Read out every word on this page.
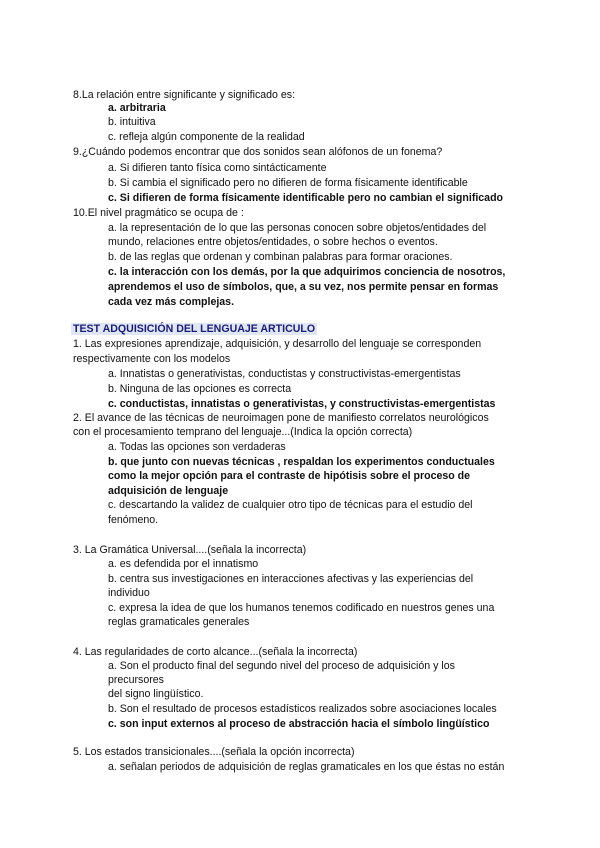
8.La relación entre significante y significado es:
a. arbitraria
b. intuitiva
c. refleja algún componente de la realidad
9.¿Cuándo podemos encontrar que dos sonidos sean alófonos de un fonema?
a. Si difieren tanto física como sintácticamente
b. Si cambia el significado pero no difieren de forma físicamente identificable
c. Si difieren de forma físicamente identificable pero no cambian el significado
10.El nivel pragmático se ocupa de :
a. la representación de lo que las personas conocen sobre objetos/entidades del
mundo, relaciones entre objetos/entidades, o sobre hechos o eventos.
b. de las reglas que ordenan y combinan palabras para formar oraciones.
c. la interacción con los demás, por la que adquirimos conciencia de nosotros,
aprendemos el uso de símbolos, que, a su vez, nos permite pensar en formas
cada vez más complejas.
TEST ADQUISICIÓN DEL LENGUAJE ARTICULO
1. Las expresiones aprendizaje, adquisición, y desarrollo del lenguaje se corresponden
respectivamente con los modelos
a. Innatistas o generativistas, conductistas y constructivistas-emergentistas
b. Ninguna de las opciones es correcta
c. conductistas, innatistas o generativistas, y constructivistas-emergentistas
2. El avance de las técnicas de neuroimagen pone de manifiesto correlatos neurológicos
con el procesamiento temprano del lenguaje...(Indica la opción correcta)
a. Todas las opciones son verdaderas
b. que junto con nuevas técnicas , respaldan los experimentos conductuales
como la mejor opción para el contraste de hipótisis sobre el proceso de
adquisición de lenguaje
c. descartando la validez de cualquier otro tipo de técnicas para el estudio del
fenómeno.
3. La Gramática Universal....(señala la incorrecta)
a. es defendida por el innatismo
b. centra sus investigaciones en interacciones afectivas y las experiencias del
individuo
c. expresa la idea de que los humanos tenemos codificado en nuestros genes una
reglas gramaticales generales
4. Las regularidades de corto alcance...(señala la incorrecta)
a. Son el producto final del segundo nivel del proceso de adquisición y los
precursores
del signo lingüístico.
b. Son el resultado de procesos estadísticos realizados sobre asociaciones locales
c. son input externos al proceso de abstracción hacia el símbolo lingüístico
5. Los estados transicionales....(señala la opción incorrecta)
a. señalan periodos de adquisición de reglas gramaticales en los que éstas no están
